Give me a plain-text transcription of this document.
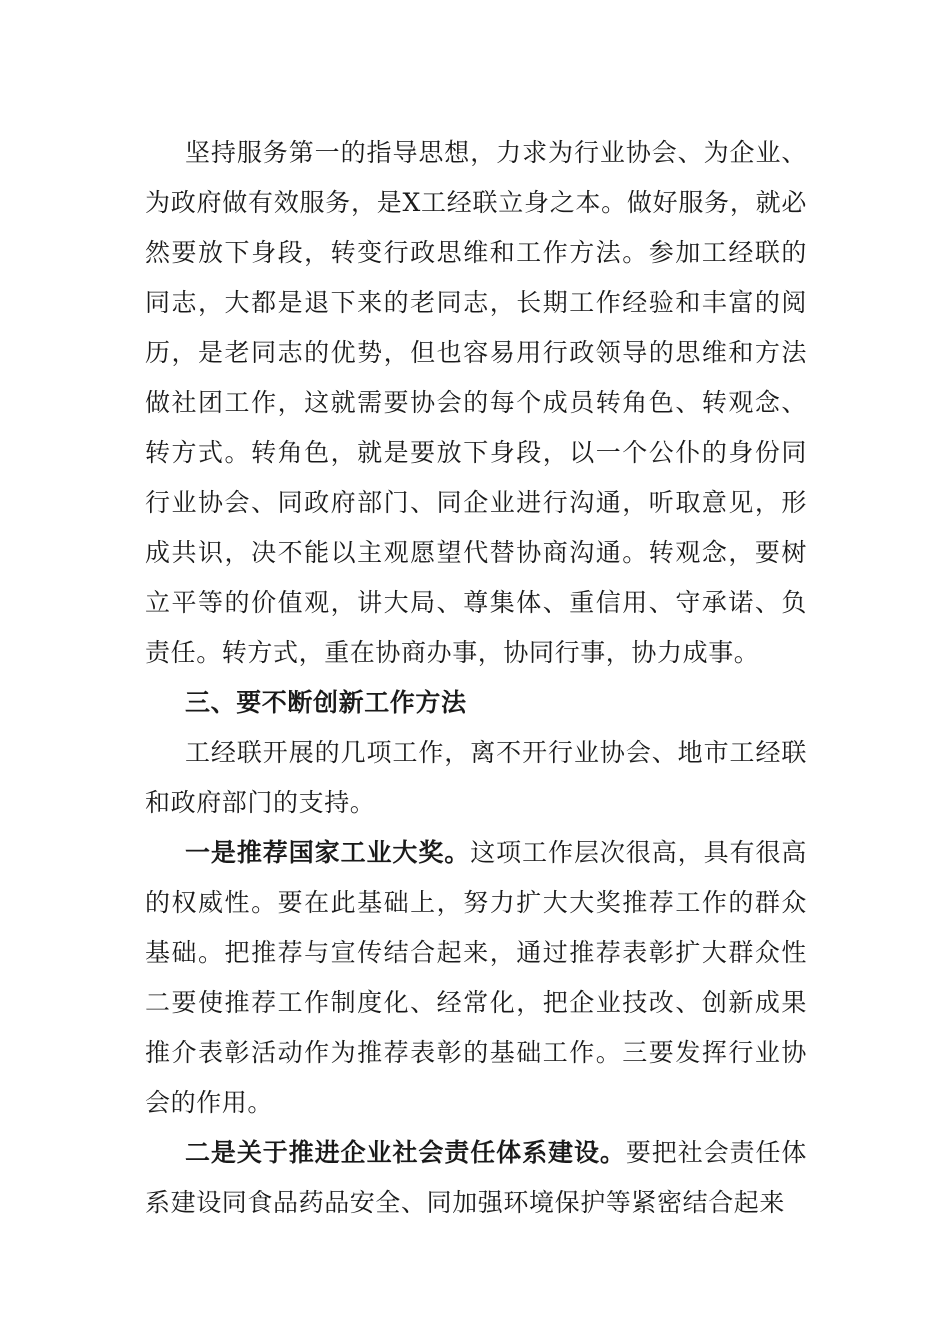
坚持服务第一的指导思想，力求为行业协会、为企业、为政府做有效服务，是X工经联立身之本。做好服务，就必然要放下身段，转变行政思维和工作方法。参加工经联的同志，大都是退下来的老同志，长期工作经验和丰富的阅历，是老同志的优势，但也容易用行政领导的思维和方法做社团工作，这就需要协会的每个成员转角色、转观念、转方式。转角色，就是要放下身段，以一个公仆的身份同行业协会、同政府部门、同企业进行沟通，听取意见，形成共识，决不能以主观愿望代替协商沟通。转观念，要树立平等的价值观，讲大局、尊集体、重信用、守承诺、负责任。转方式，重在协商办事，协同行事，协力成事。

三、要不断创新工作方法

工经联开展的几项工作，离不开行业协会、地市工经联和政府部门的支持。

一是推荐国家工业大奖。这项工作层次很高，具有很高的权威性。要在此基础上，努力扩大大奖推荐工作的群众基础。把推荐与宣传结合起来，通过推荐表彰扩大群众性二要使推荐工作制度化、经常化，把企业技改、创新成果推介表彰活动作为推荐表彰的基础工作。三要发挥行业协会的作用。

二是关于推进企业社会责任体系建设。要把社会责任体系建设同食品药品安全、同加强环境保护等紧密结合起来
